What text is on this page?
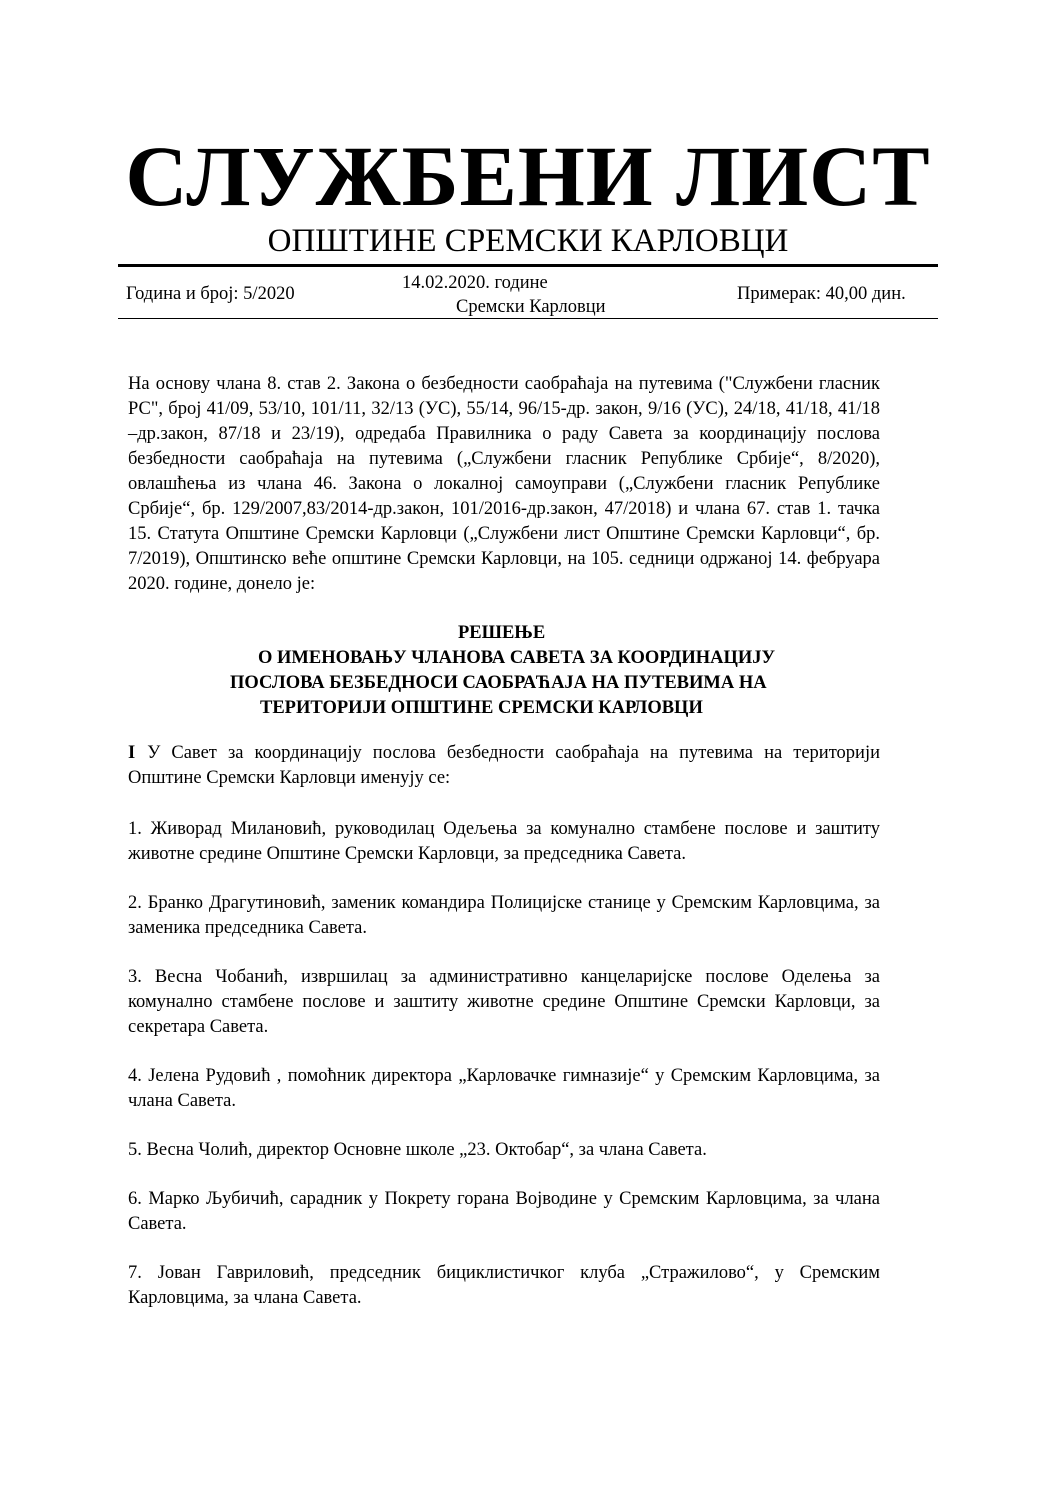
СЛУЖБЕНИ ЛИСТ
ОПШТИНЕ СРЕМСКИ КАРЛОВЦИ
Година и број: 5/2020
14.02.2020. године
Сремски Карловци
Примерак: 40,00 дин.

На основу члана 8. став 2. Закона о безбедности саобраћаја на путевима ("Службени гласник РС", број 41/09, 53/10, 101/11, 32/13 (УС), 55/14, 96/15-др. закон, 9/16 (УС), 24/18, 41/18, 41/18 –др.закон, 87/18 и 23/19), одредаба Правилника о раду Савета за координацију послова безбедности саобраћаја на путевима („Службени гласник Републике Србије“, 8/2020), овлашћења из члана 46. Закона о локалној самоуправи („Службени гласник Републике Србије“, бр. 129/2007,83/2014-др.закон, 101/2016-др.закон, 47/2018) и члана 67. став 1. тачка 15. Статута Општине Сремски Карловци („Службени лист Општине Сремски Карловци“, бр. 7/2019), Општинско веће општине Сремски Карловци, на 105. седници одржаној 14. фебруара 2020. године, донело је:

РЕШЕЊЕ
О ИМЕНОВАЊУ ЧЛАНОВА САВЕТА ЗА КООРДИНАЦИЈУ
ПОСЛОВА БЕЗБЕДНОСИ САОБРАЋАЈА НА ПУТЕВИМА НА
ТЕРИТОРИЈИ ОПШТИНЕ СРЕМСКИ КАРЛОВЦИ

I У Савет за координацију послова безбедности саобраћаја на путевима на територији Општине Сремски Карловци именују се:

1. Живорад Милановић, руководилац Одељења за комунално стамбене послове и заштиту животне средине Општине Сремски Карловци, за председника Савета.

2. Бранко Драгутиновић, заменик командира Полицијске станице у Сремским Карловцима, за заменика председника Савета.

3. Весна Чобанић, извршилац за административно канцеларијске послове Оделења за комунално стамбене послове и заштиту животне средине Општине Сремски Карловци, за секретара Савета.

4. Јелена Рудовић , помоћник директора „Карловачке гимназије“ у Сремским Карловцима, за члана Савета.

5. Весна Чолић, директор Основне школе „23. Октобар“, за члана Савета.

6. Марко Љубичић, сарадник у Покрету горана Војводине у Сремским Карловцима, за члана Савета.

7. Јован Гавриловић, председник бициклистичког клуба „Стражилово“, у Сремским Карловцима, за члана Савета.
